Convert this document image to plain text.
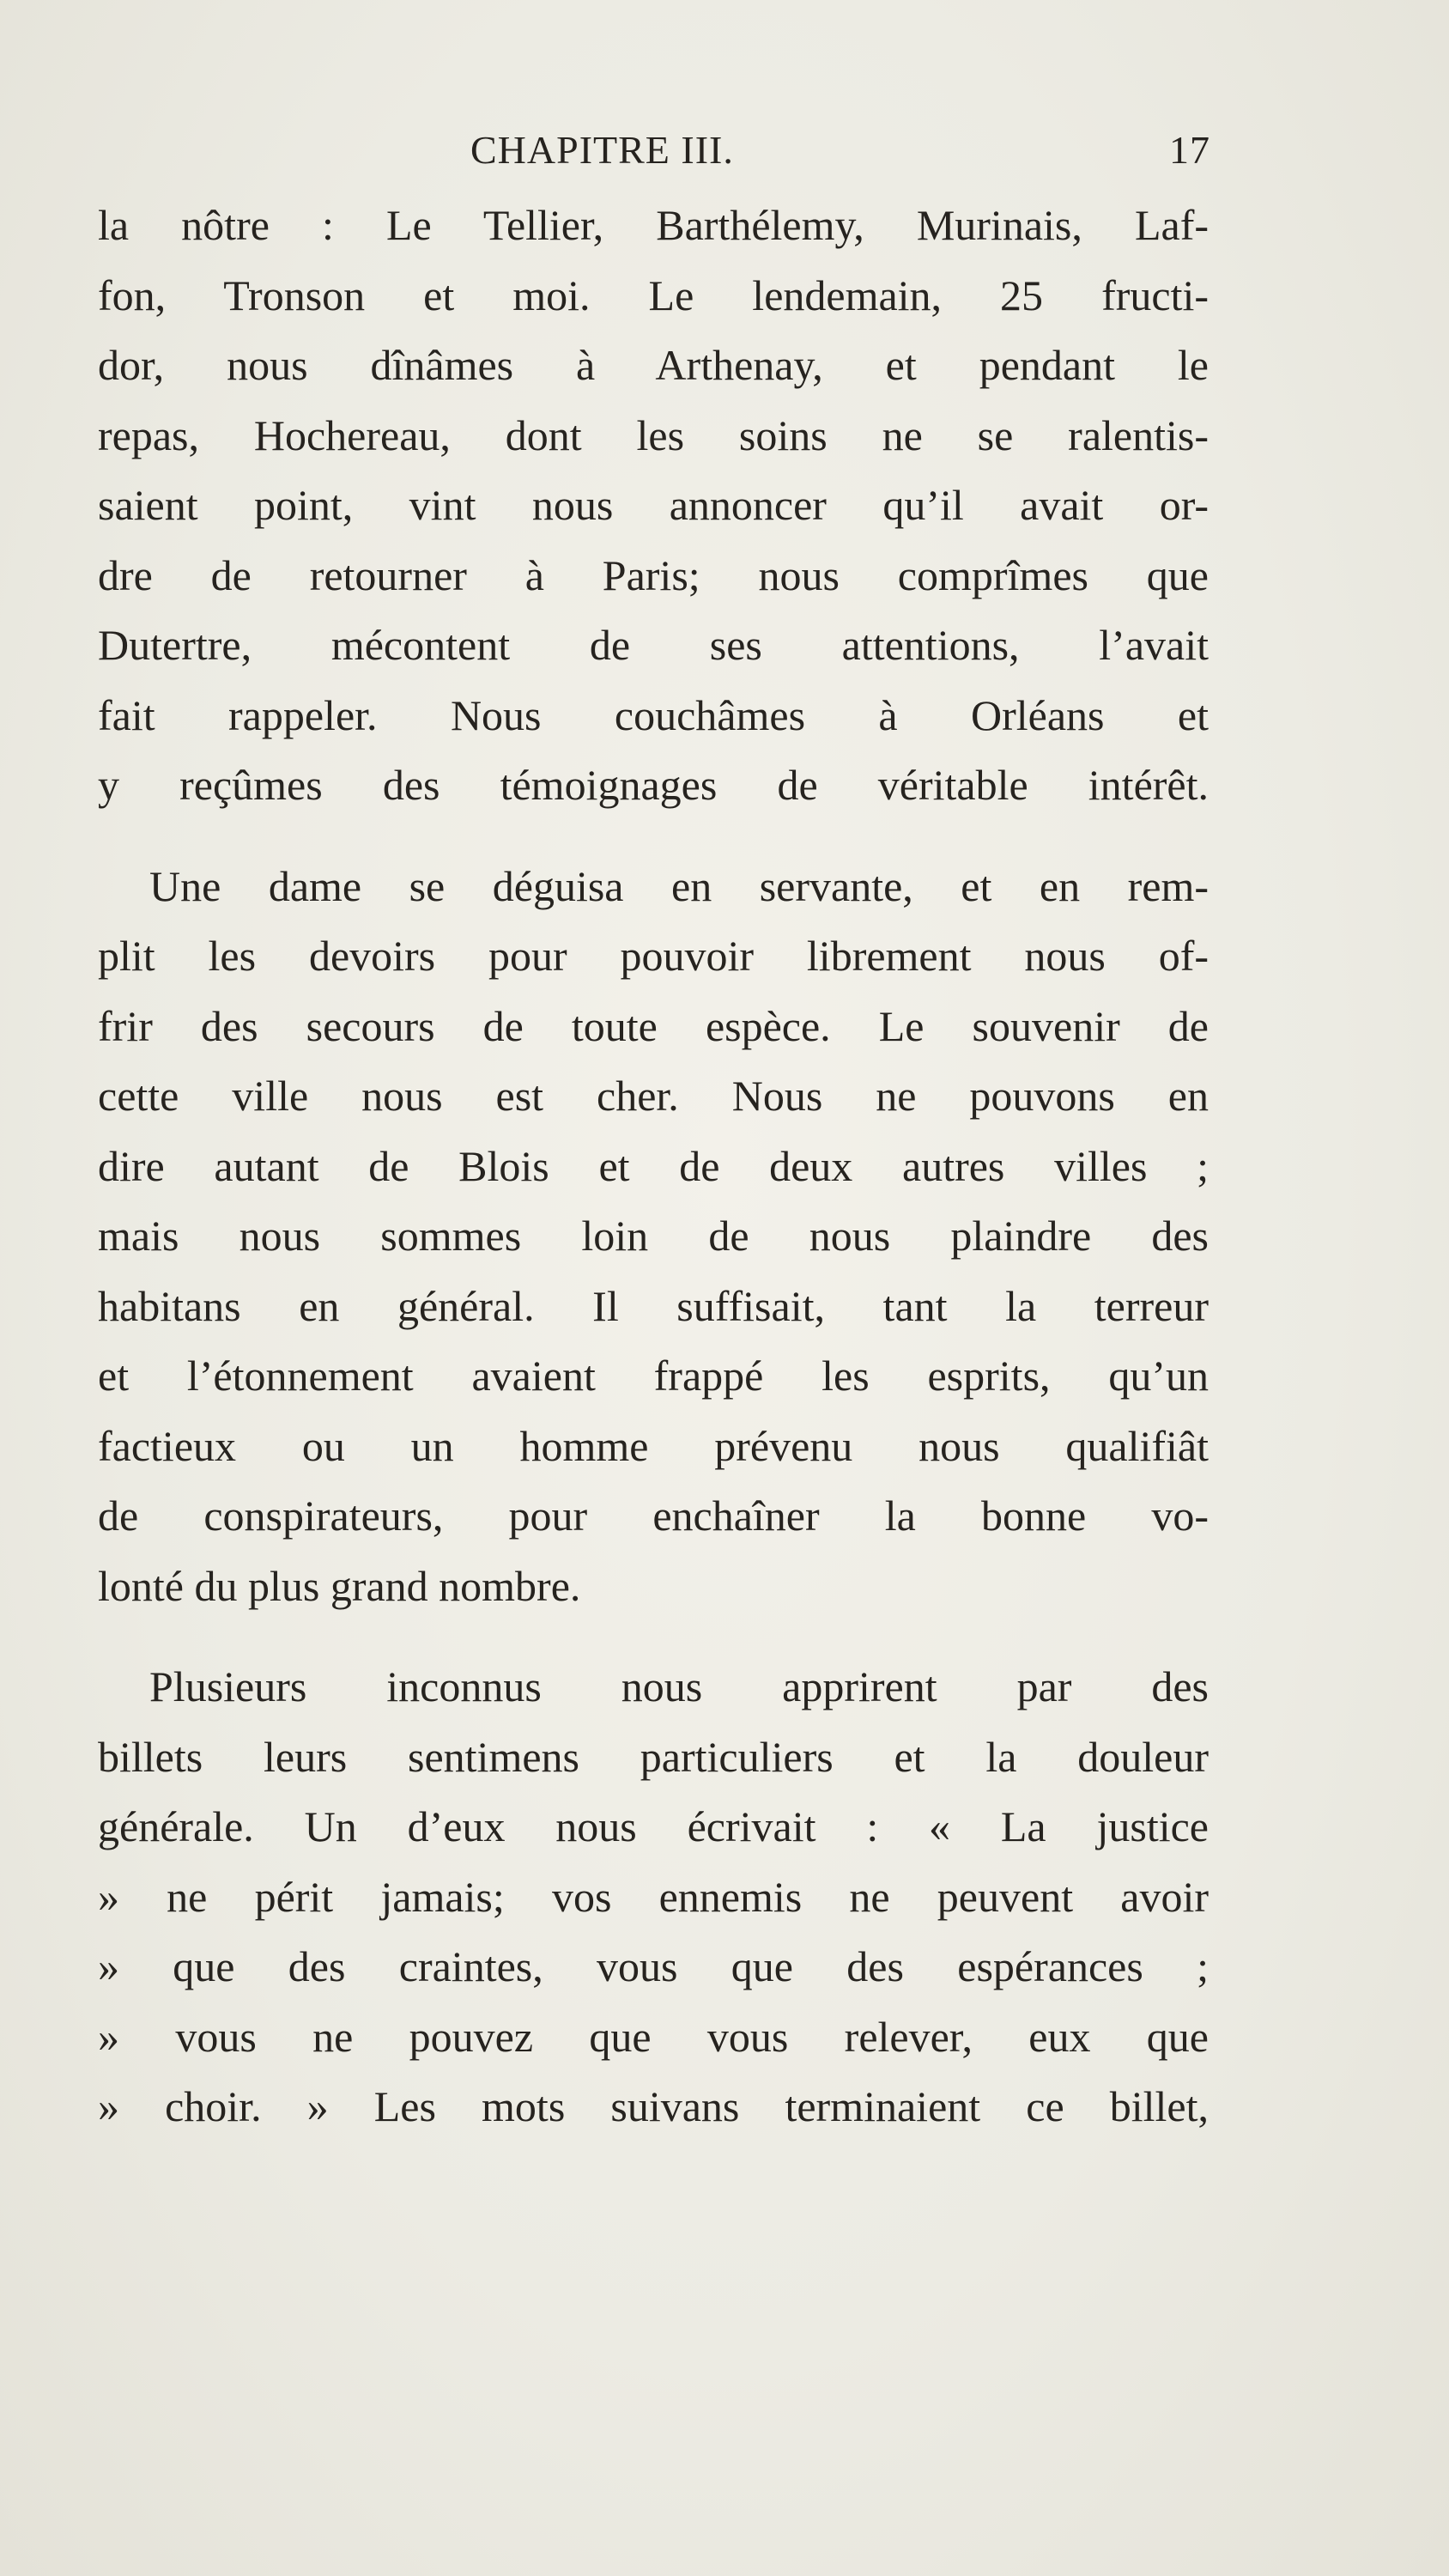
CHAPITRE III.	17

la nôtre : Le Tellier, Barthélemy, Murinais, Laf-
fon, Tronson et moi. Le lendemain, 25 fructi-
dor, nous dînâmes à Arthenay, et pendant le
repas, Hochereau, dont les soins ne se ralentis-
saient point, vint nous annoncer qu’il avait or-
dre de retourner à Paris; nous comprîmes que
Dutertre, mécontent de ses attentions, l’avait
fait rappeler. Nous couchâmes à Orléans et
y reçûmes des témoignages de véritable intérêt.

Une dame se déguisa en servante, et en rem-
plit les devoirs pour pouvoir librement nous of-
frir des secours de toute espèce. Le souvenir de
cette ville nous est cher. Nous ne pouvons en
dire autant de Blois et de deux autres villes ;
mais nous sommes loin de nous plaindre des
habitans en général. Il suffisait, tant la terreur
et l’étonnement avaient frappé les esprits, qu’un
factieux ou un homme prévenu nous qualifiât
de conspirateurs, pour enchaîner la bonne vo-
lonté du plus grand nombre.

Plusieurs inconnus nous apprirent par des
billets leurs sentimens particuliers et la douleur
générale. Un d’eux nous écrivait : « La justice
» ne périt jamais; vos ennemis ne peuvent avoir
» que des craintes, vous que des espérances ;
» vous ne pouvez que vous relever, eux que
» choir. » Les mots suivans terminaient ce billet,
